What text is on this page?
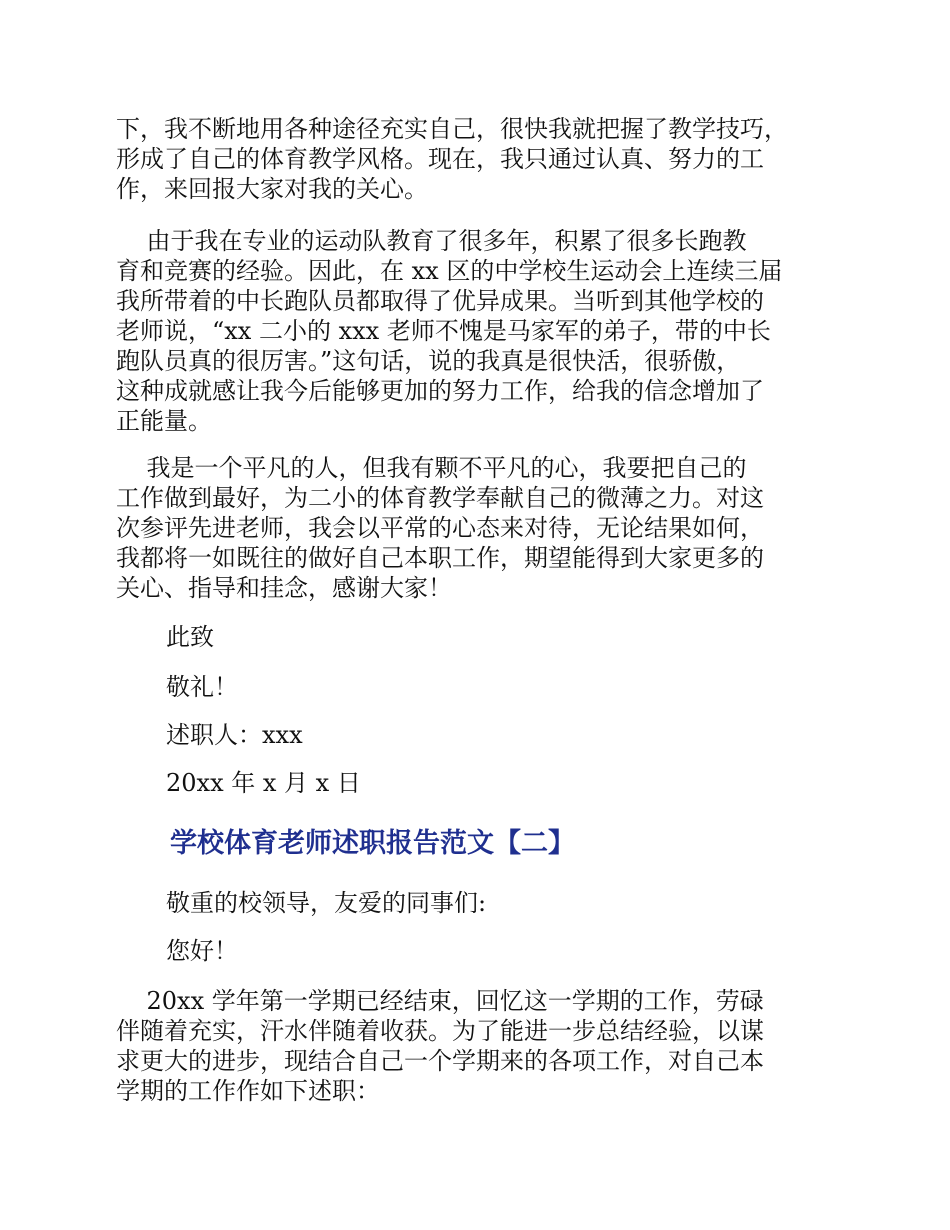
下，我不断地用各种途径充实自己，很快我就把握了教学技巧，
形成了自己的体育教学风格。现在，我只通过认真、努力的工
作，来回报大家对我的关心。
由于我在专业的运动队教育了很多年，积累了很多长跑教
育和竞赛的经验。因此，在 xx 区的中学校生运动会上连续三届
我所带着的中长跑队员都取得了优异成果。当听到其他学校的
老师说，“xx 二小的 xxx 老师不愧是马家军的弟子，带的中长
跑队员真的很厉害。”这句话，说的我真是很快活，很骄傲，
这种成就感让我今后能够更加的努力工作，给我的信念增加了
正能量。
我是一个平凡的人，但我有颗不平凡的心，我要把自己的
工作做到最好，为二小的体育教学奉献自己的微薄之力。对这
次参评先进老师，我会以平常的心态来对待，无论结果如何，
我都将一如既往的做好自己本职工作，期望能得到大家更多的
关心、指导和挂念，感谢大家！

此致

敬礼！

述职人：xxx

20xx 年 x 月 x 日

学校体育老师述职报告范文【二】

敬重的校领导，友爱的同事们:

您好！

20xx 学年第一学期已经结束，回忆这一学期的工作，劳碌
伴随着充实，汗水伴随着收获。为了能进一步总结经验，以谋
求更大的进步，现结合自己一个学期来的各项工作，对自己本
学期的工作作如下述职：
